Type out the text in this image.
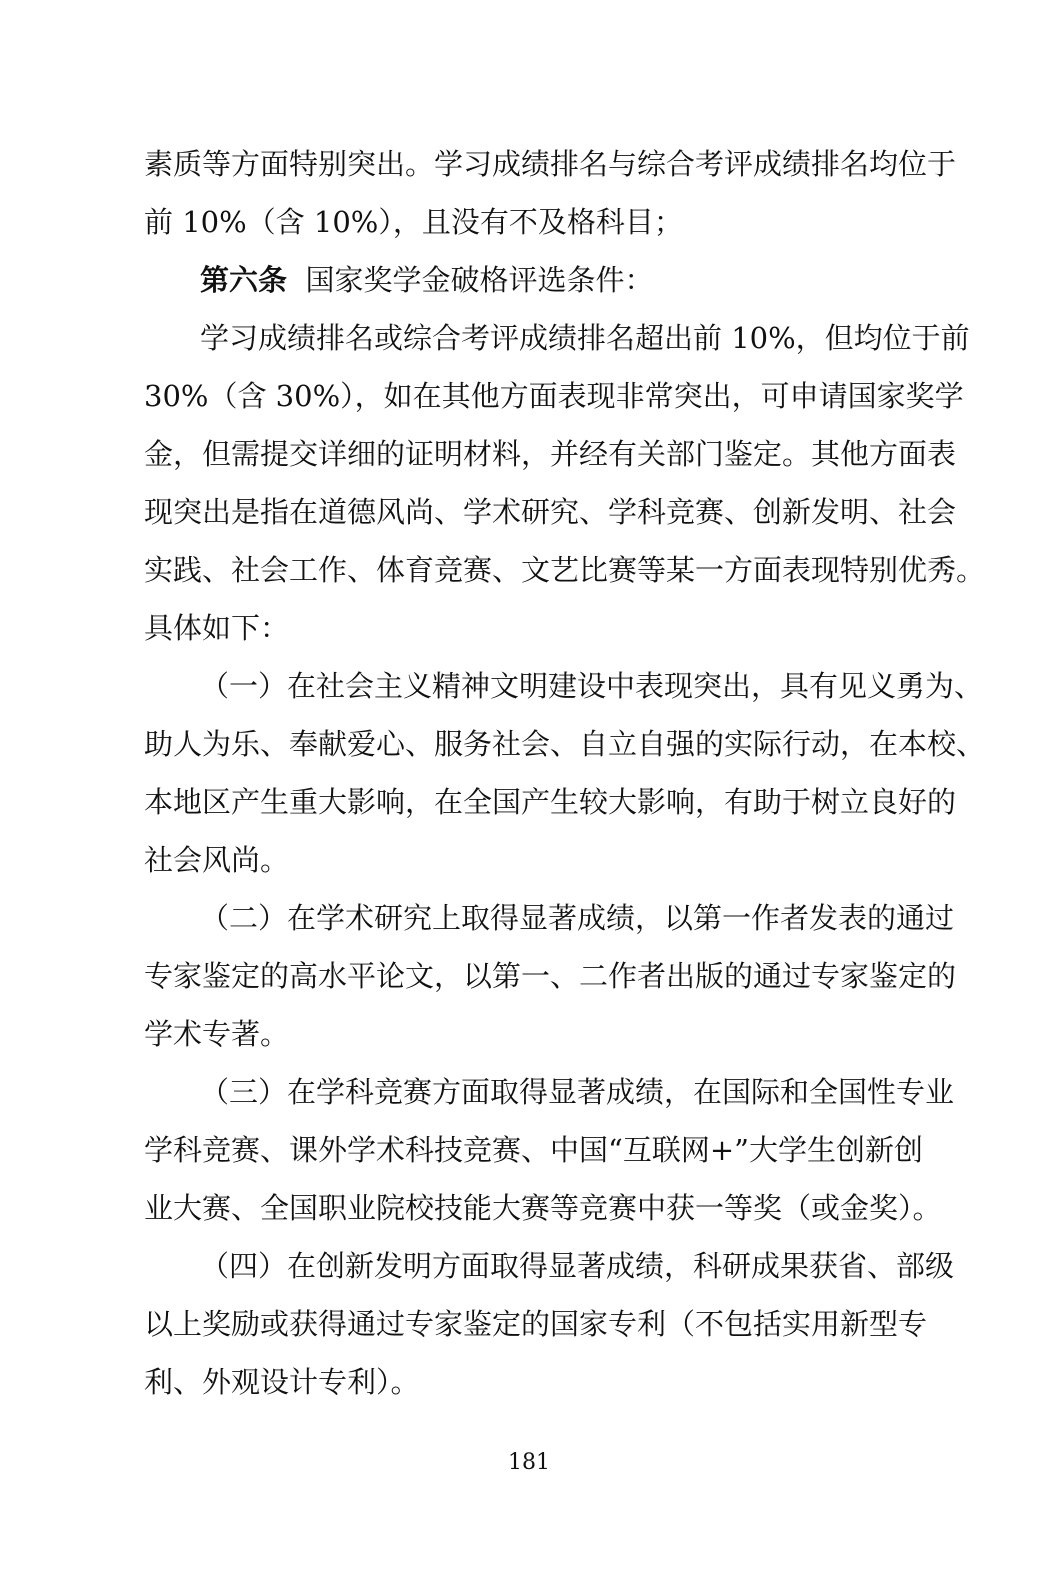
素质等方面特别突出。学习成绩排名与综合考评成绩排名均位于

前 10%（含 10%），且没有不及格科目；

第六条 国家奖学金破格评选条件：

学习成绩排名或综合考评成绩排名超出前 10%，但均位于前

30%（含 30%），如在其他方面表现非常突出，可申请国家奖学

金，但需提交详细的证明材料，并经有关部门鉴定。其他方面表

现突出是指在道德风尚、学术研究、学科竞赛、创新发明、社会

实践、社会工作、体育竞赛、文艺比赛等某一方面表现特别优秀。

具体如下：

（一）在社会主义精神文明建设中表现突出，具有见义勇为、

助人为乐、奉献爱心、服务社会、自立自强的实际行动，在本校、

本地区产生重大影响，在全国产生较大影响，有助于树立良好的

社会风尚。

（二）在学术研究上取得显著成绩，以第一作者发表的通过

专家鉴定的高水平论文，以第一、二作者出版的通过专家鉴定的

学术专著。

（三）在学科竞赛方面取得显著成绩，在国际和全国性专业

学科竞赛、课外学术科技竞赛、中国“互联网+”大学生创新创

业大赛、全国职业院校技能大赛等竞赛中获一等奖（或金奖）。

（四）在创新发明方面取得显著成绩，科研成果获省、部级

以上奖励或获得通过专家鉴定的国家专利（不包括实用新型专

利、外观设计专利）。

181
